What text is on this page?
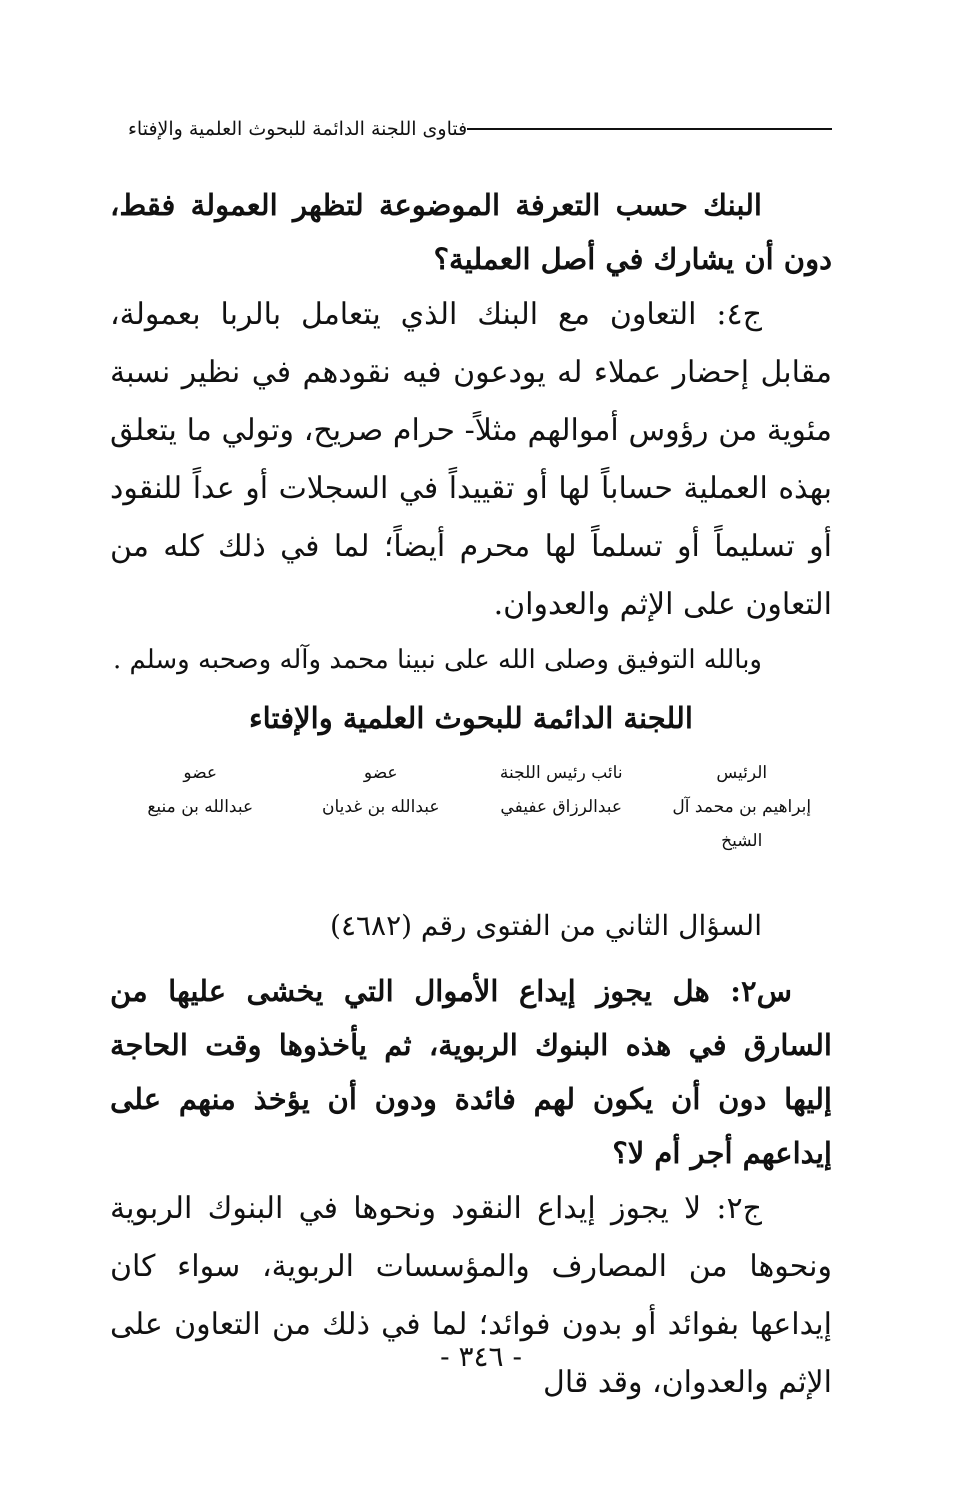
فتاوى اللجنة الدائمة للبحوث العلمية والإفتاء

البنك حسب التعرفة الموضوعة لتظهر العمولة فقط، دون أن يشارك في أصل العملية؟

ج٤: التعاون مع البنك الذي يتعامل بالربا بعمولة، مقابل إحضار عملاء له يودعون فيه نقودهم في نظير نسبة مئوية من رؤوس أموالهم مثلاً- حرام صريح، وتولي ما يتعلق بهذه العملية حساباً لها أو تقييداً في السجلات أو عداً للنقود أو تسليماً أو تسلماً لها محرم أيضاً؛ لما في ذلك كله من التعاون على الإثم والعدوان.

وبالله التوفيق وصلى الله على نبينا محمد وآله وصحبه وسلم .

اللجنة الدائمة للبحوث العلمية والإفتاء

الرئيس
نائب رئيس اللجنة
عضو
عضو
إبراهيم بن محمد آل الشيخ
عبدالرزاق عفيفي
عبدالله بن غديان
عبدالله بن منيع

السؤال الثاني من الفتوى رقم (٤٦٨٢)

س٢: هل يجوز إيداع الأموال التي يخشى عليها من السارق في هذه البنوك الربوية، ثم يأخذوها وقت الحاجة إليها دون أن يكون لهم فائدة ودون أن يؤخذ منهم على إيداعهم أجر أم لا؟

ج٢: لا يجوز إيداع النقود ونحوها في البنوك الربوية ونحوها من المصارف والمؤسسات الربوية، سواء كان إيداعها بفوائد أو بدون فوائد؛ لما في ذلك من التعاون على الإثم والعدوان، وقد قال

- ٣٤٦ -
